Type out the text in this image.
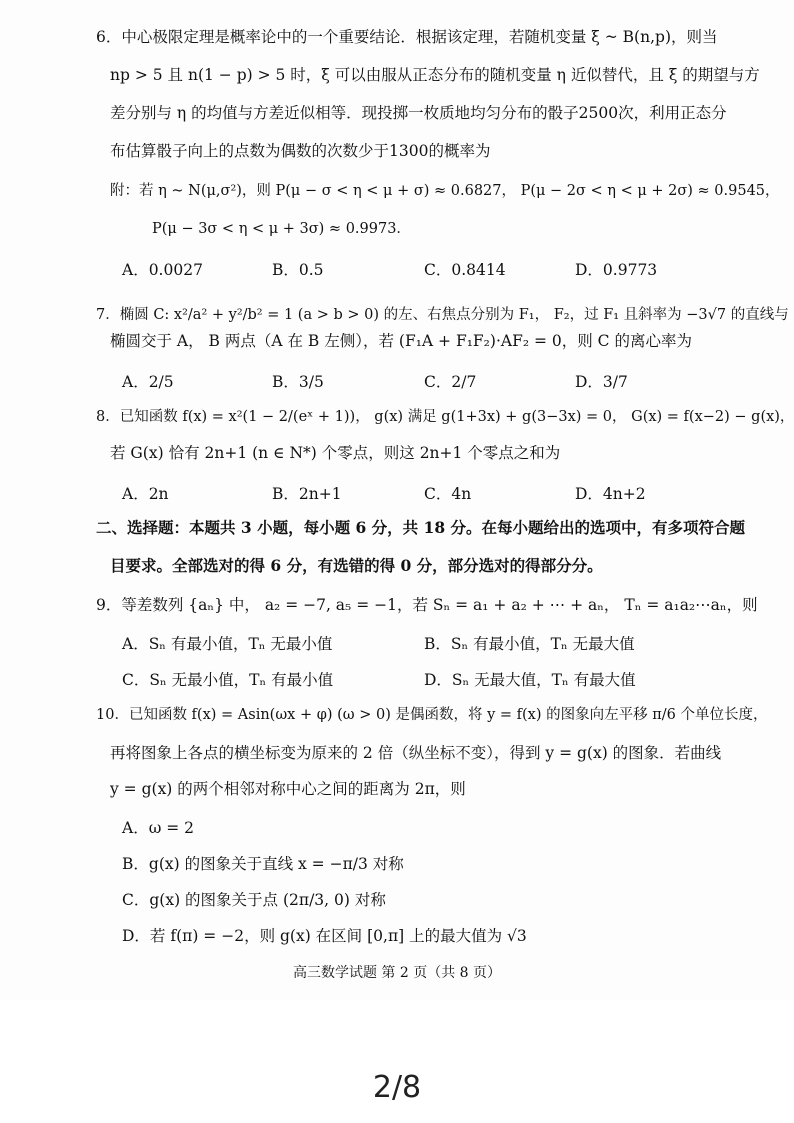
6．中心极限定理是概率论中的一个重要结论．根据该定理，若随机变量 ξ ~ B(n,p)，则当
np > 5 且 n(1 − p) > 5 时，ξ 可以由服从正态分布的随机变量 η 近似替代，且 ξ 的期望与方
差分别与 η 的均值与方差近似相等．现投掷一枚质地均匀分布的骰子2500次，利用正态分
布估算骰子向上的点数为偶数的次数少于1300的概率为
附：若 η ~ N(μ,σ²)，则 P(μ − σ < η < μ + σ) ≈ 0.6827， P(μ − 2σ < η < μ + 2σ) ≈ 0.9545，
P(μ − 3σ < η < μ + 3σ) ≈ 0.9973．
A．0.0027	B．0.5	C．0.8414	D．0.9773
7．椭圆 C: x²/a² + y²/b² = 1 (a > b > 0) 的左、右焦点分别为 F₁， F₂，过 F₁ 且斜率为 −3√7 的直线与
椭圆交于 A， B 两点（A 在 B 左侧），若 (F₁A + F₁F₂)·AF₂ = 0，则 C 的离心率为
A．2/5	B．3/5	C．2/7	D．3/7
8．已知函数 f(x) = x²(1 − 2/(eˣ + 1))， g(x) 满足 g(1+3x) + g(3−3x) = 0， G(x) = f(x−2) − g(x)，
若 G(x) 恰有 2n+1 (n ∈ N*) 个零点，则这 2n+1 个零点之和为
A．2n	B．2n+1	C．4n	D．4n+2
二、选择题：本题共 3 小题，每小题 6 分，共 18 分。在每小题给出的选项中，有多项符合题
目要求。全部选对的得 6 分，有选错的得 0 分，部分选对的得部分分。
9．等差数列 {aₙ} 中， a₂ = −7, a₅ = −1，若 Sₙ = a₁ + a₂ + ⋯ + aₙ， Tₙ = a₁a₂⋯aₙ，则
A．Sₙ 有最小值，Tₙ 无最小值	B．Sₙ 有最小值，Tₙ 无最大值
C．Sₙ 无最小值，Tₙ 有最小值	D．Sₙ 无最大值，Tₙ 有最大值
10．已知函数 f(x) = Asin(ωx + φ) (ω > 0) 是偶函数，将 y = f(x) 的图象向左平移 π/6 个单位长度，
再将图象上各点的横坐标变为原来的 2 倍（纵坐标不变），得到 y = g(x) 的图象．若曲线
y = g(x) 的两个相邻对称中心之间的距离为 2π，则
A．ω = 2
B．g(x) 的图象关于直线 x = −π/3 对称
C．g(x) 的图象关于点 (2π/3, 0) 对称
D．若 f(π) = −2，则 g(x) 在区间 [0,π] 上的最大值为 √3
高三数学试题 第 2 页（共 8 页）
2/8
